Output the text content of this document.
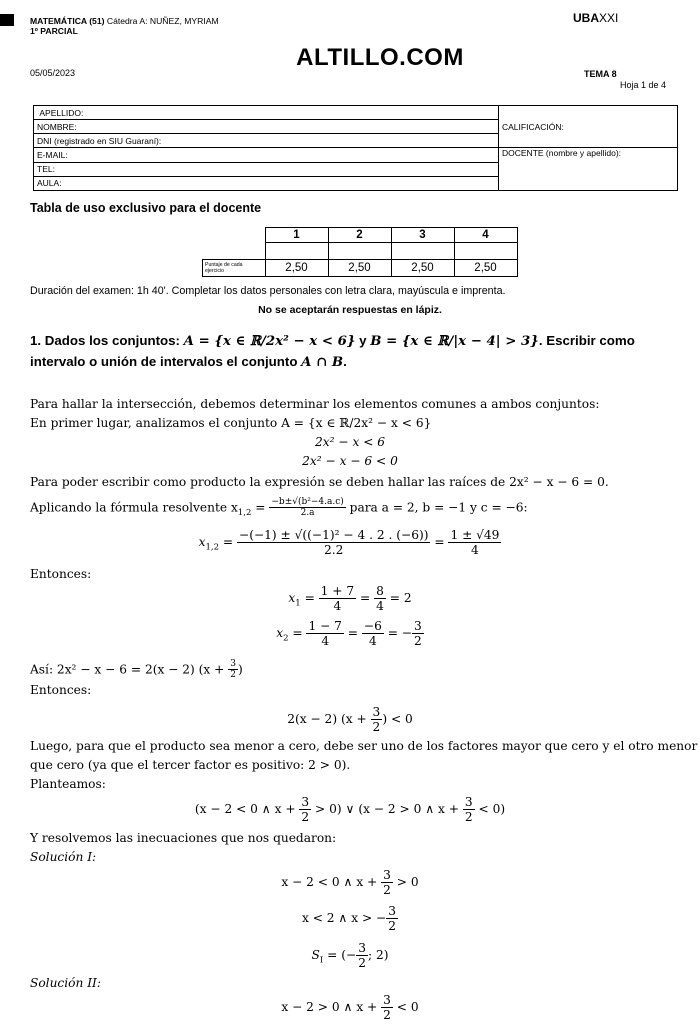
MATEMÁTICA (51) Cátedra A: NUÑEZ, MYRIAM
1º PARCIAL
UBAXXI
ALTILLO.COM
05/05/2023	TEMA 8
Hoja 1 de 4
APELLIDO:	CALIFICACIÓN:
NOMBRE:	
DNI (registrado en SIU Guaraní):	
E-MAIL:	DOCENTE (nombre y apellido):
TEL:	
AULA:	
Tabla de uso exclusivo para el docente
	1	2	3	4

Puntaje de cada ejercicio	2,50	2,50	2,50	2,50
Duración del examen: 1h 40'. Completar los datos personales con letra clara, mayúscula e imprenta.
No se aceptarán respuestas en lápiz.
1. Dados los conjuntos: A = {x ∈ ℝ/2x² − x < 6} y B = {x ∈ ℝ/|x − 4| > 3}. Escribir como intervalo o unión de intervalos el conjunto A ∩ B.
Para hallar la intersección, debemos determinar los elementos comunes a ambos conjuntos:
En primer lugar, analizamos el conjunto A = {x ∈ ℝ/2x² − x < 6}
2x² − x < 6
2x² − x − 6 < 0
Para poder escribir como producto la expresión se deben hallar las raíces de 2x² − x − 6 = 0.
Aplicando la fórmula resolvente $x_{1,2} = \frac{\text{−b±√(b²−4.a.c)}}{2.a}$ para a = 2, b = −1 y c = −6:
$x_{1,2} = \frac{\text{−(−1) ± √((−1)² − 4 . 2 . (−6))}}{2.2} = \frac{1 \pm √49}{4}$
Entonces:
$x_1 = \frac{1 + 7}{4} = \frac{8}{4} = 2$
$x_2 = \frac{1 - 7}{4} = \frac{-6}{4}$ = − $\frac{3}{2}$
Así: 2x² − x − 6 = 2(x − 2) ($x + \frac{3}{2}$ )
Entonces:
2(x − 2) ($x + \frac{3}{2}$ ) < 0
Luego, para que el producto sea menor a cero, debe ser uno de los factores mayor que cero y el otro menor
que cero (ya que el tercer factor es positivo: 2 > 0).
Planteamos:
(x − 2 < 0 ∧ $x + \frac{3}{2} > 0$) ∨ (x − 2 > 0 ∧ $x + \frac{3}{2} < 0$)
Y resolvemos las inecuaciones que nos quedaron:
Solución I:
x − 2 < 0 ∧ $x + \frac{3}{2} > 0$
x < 2 ∧ x > − $\frac{3}{2}$
$S_I$ = (− $\frac{3}{2}$ ; 2)
Solución II:
x − 2 > 0 ∧ $x + \frac{3}{2} < 0$
